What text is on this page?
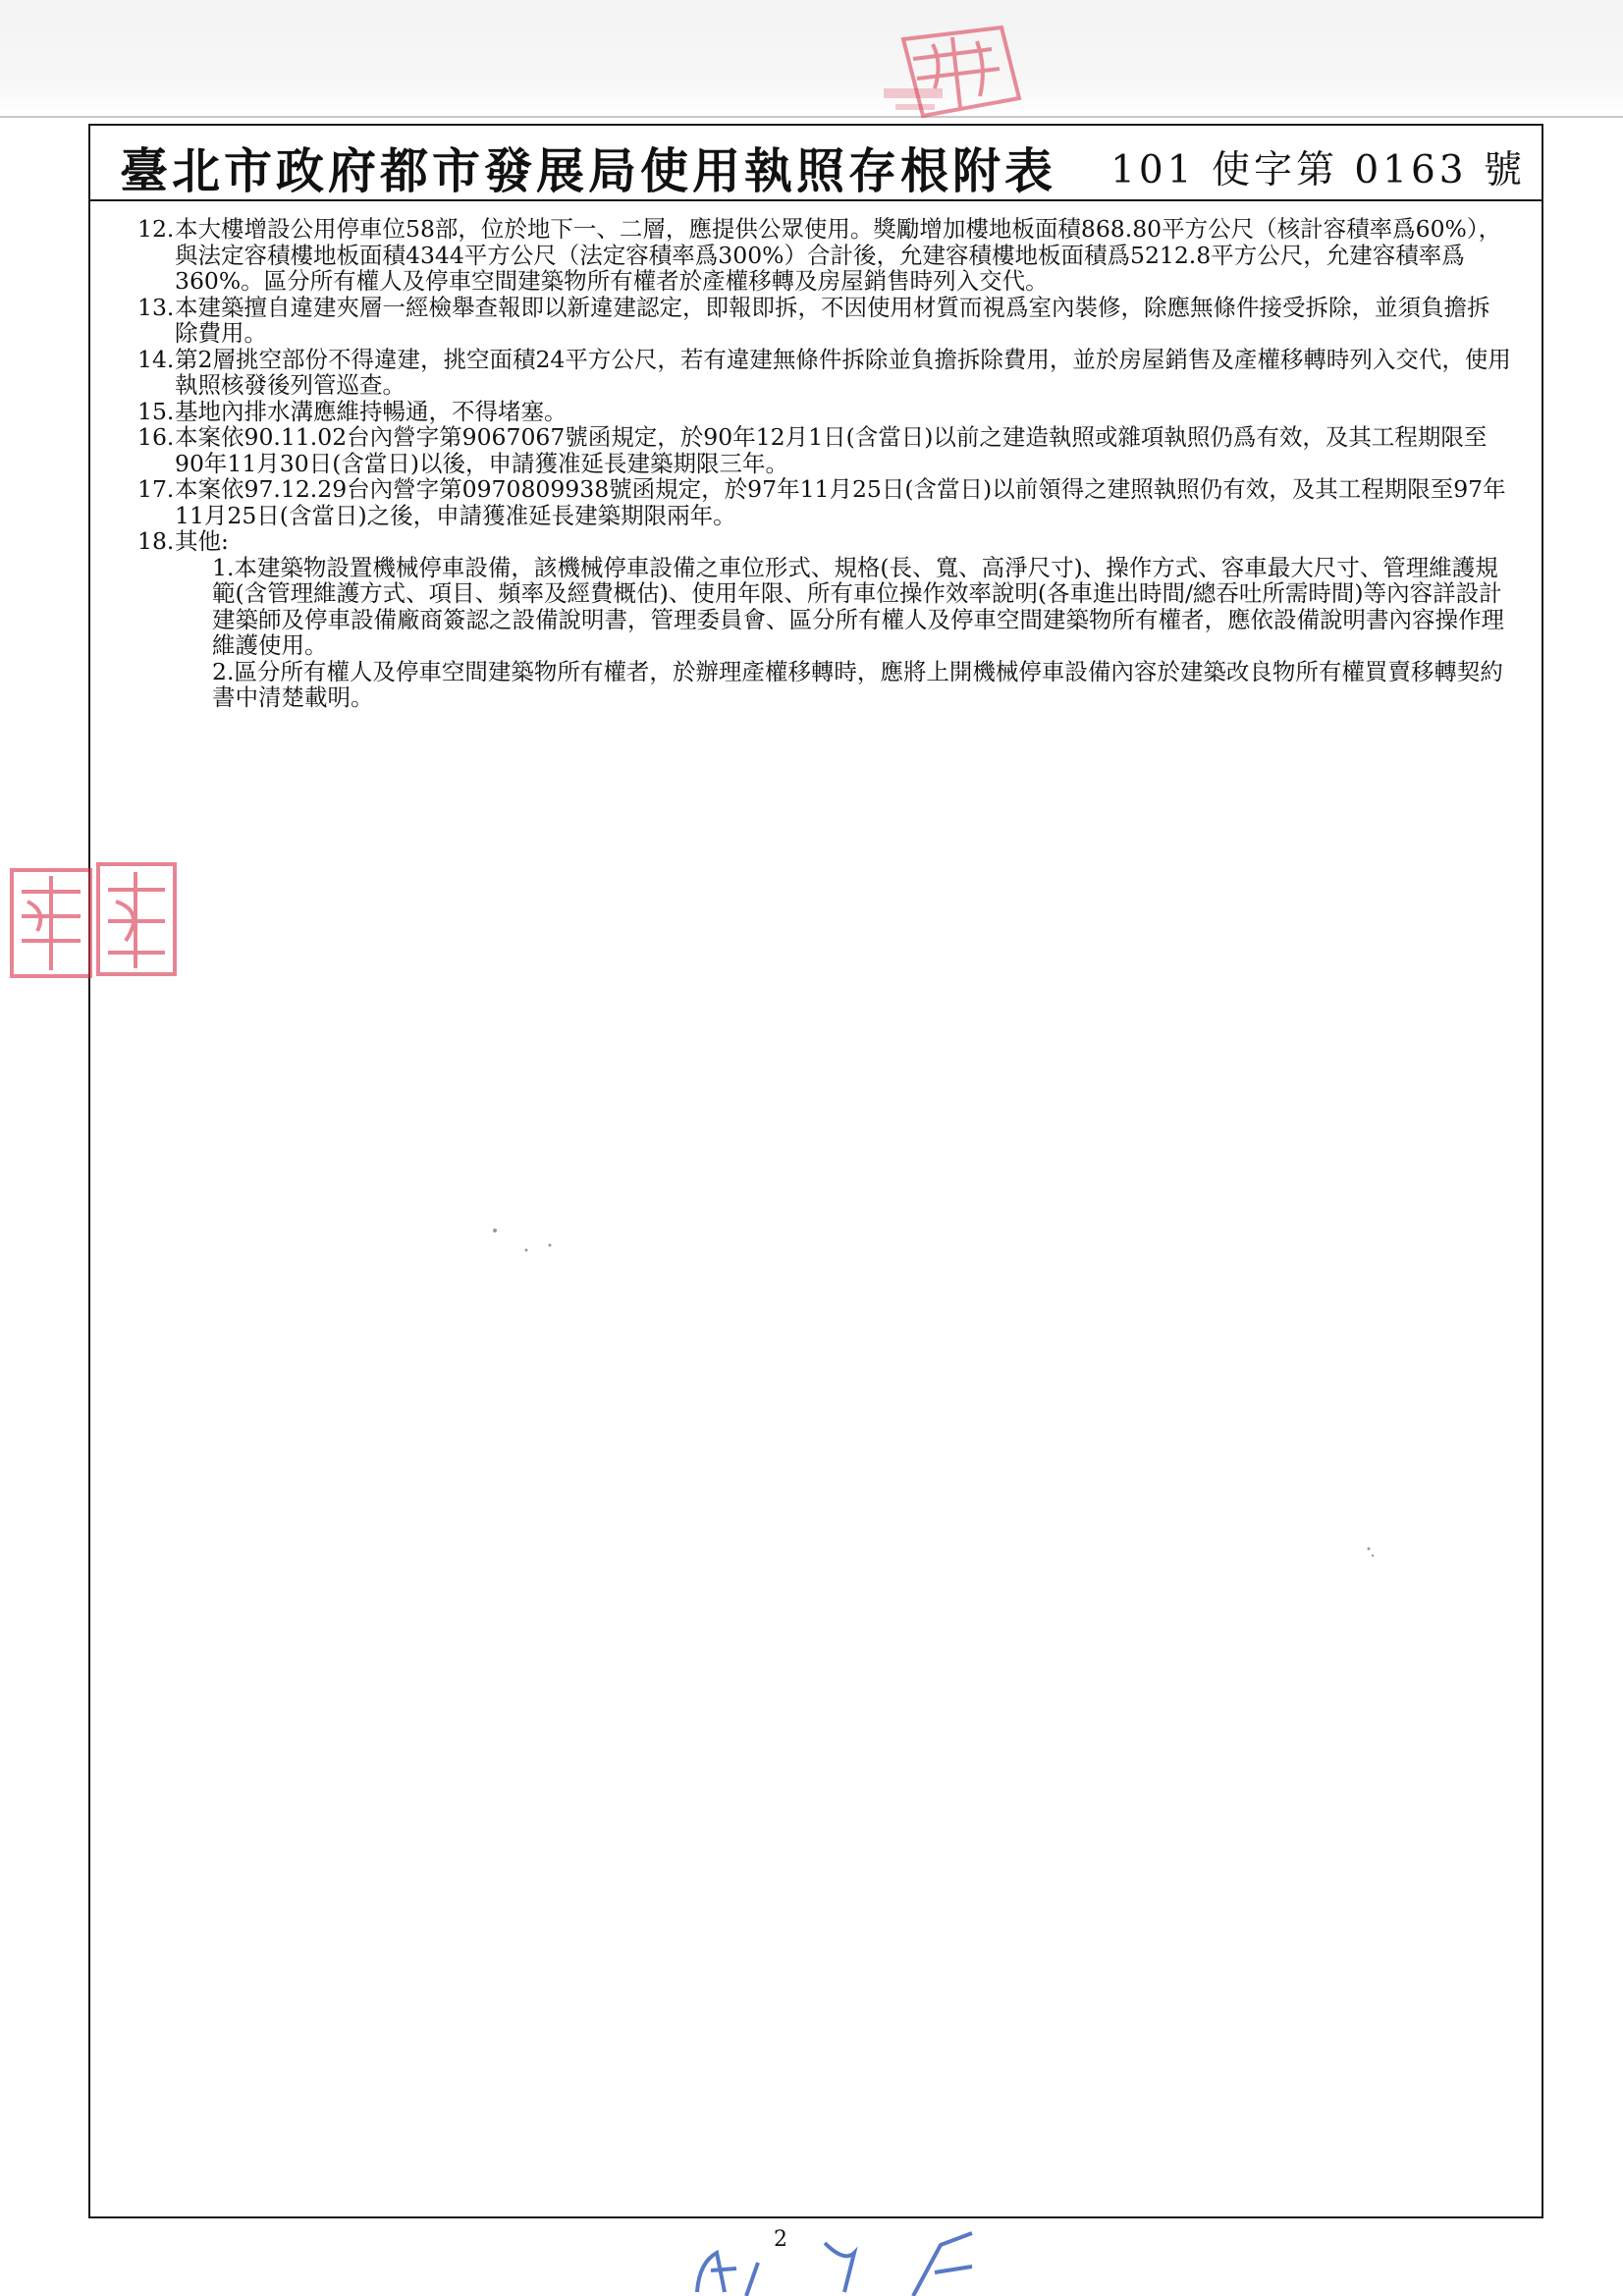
臺北市政府都市發展局使用執照存根附表 101 使字第 0163 號
12. 本大樓增設公用停車位58部，位於地下一、二層，應提供公眾使用。獎勵增加樓地板面積868.80平方公尺（核計容積率爲60%），與法定容積樓地板面積4344平方公尺（法定容積率爲300%）合計後，允建容積樓地板面積爲5212.8平方公尺，允建容積率爲360%。區分所有權人及停車空間建築物所有權者於產權移轉及房屋銷售時列入交代。
13. 本建築擅自違建夾層一經檢舉查報即以新違建認定，即報即拆，不因使用材質而視爲室內裝修，除應無條件接受拆除，並須負擔拆除費用。
14. 第2層挑空部份不得違建，挑空面積24平方公尺，若有違建無條件拆除並負擔拆除費用，並於房屋銷售及產權移轉時列入交代，使用執照核發後列管巡查。
15. 基地內排水溝應維持暢通，不得堵塞。
16. 本案依90.11.02台內營字第9067067號函規定，於90年12月1日(含當日)以前之建造執照或雜項執照仍爲有效，及其工程期限至90年11月30日(含當日)以後，申請獲准延長建築期限三年。
17. 本案依97.12.29台內營字第0970809938號函規定，於97年11月25日(含當日)以前領得之建照執照仍有效，及其工程期限至97年11月25日(含當日)之後，申請獲准延長建築期限兩年。
18. 其他:
1.本建築物設置機械停車設備，該機械停車設備之車位形式、規格(長、寬、高淨尺寸)、操作方式、容車最大尺寸、管理維護規範(含管理維護方式、項目、頻率及經費概估)、使用年限、所有車位操作效率說明(各車進出時間/總吞吐所需時間)等內容詳設計建築師及停車設備廠商簽認之設備說明書，管理委員會、區分所有權人及停車空間建築物所有權者，應依設備說明書內容操作理維護使用。
2.區分所有權人及停車空間建築物所有權者，於辦理產權移轉時，應將上開機械停車設備內容於建築改良物所有權買賣移轉契約書中清楚載明。
2
